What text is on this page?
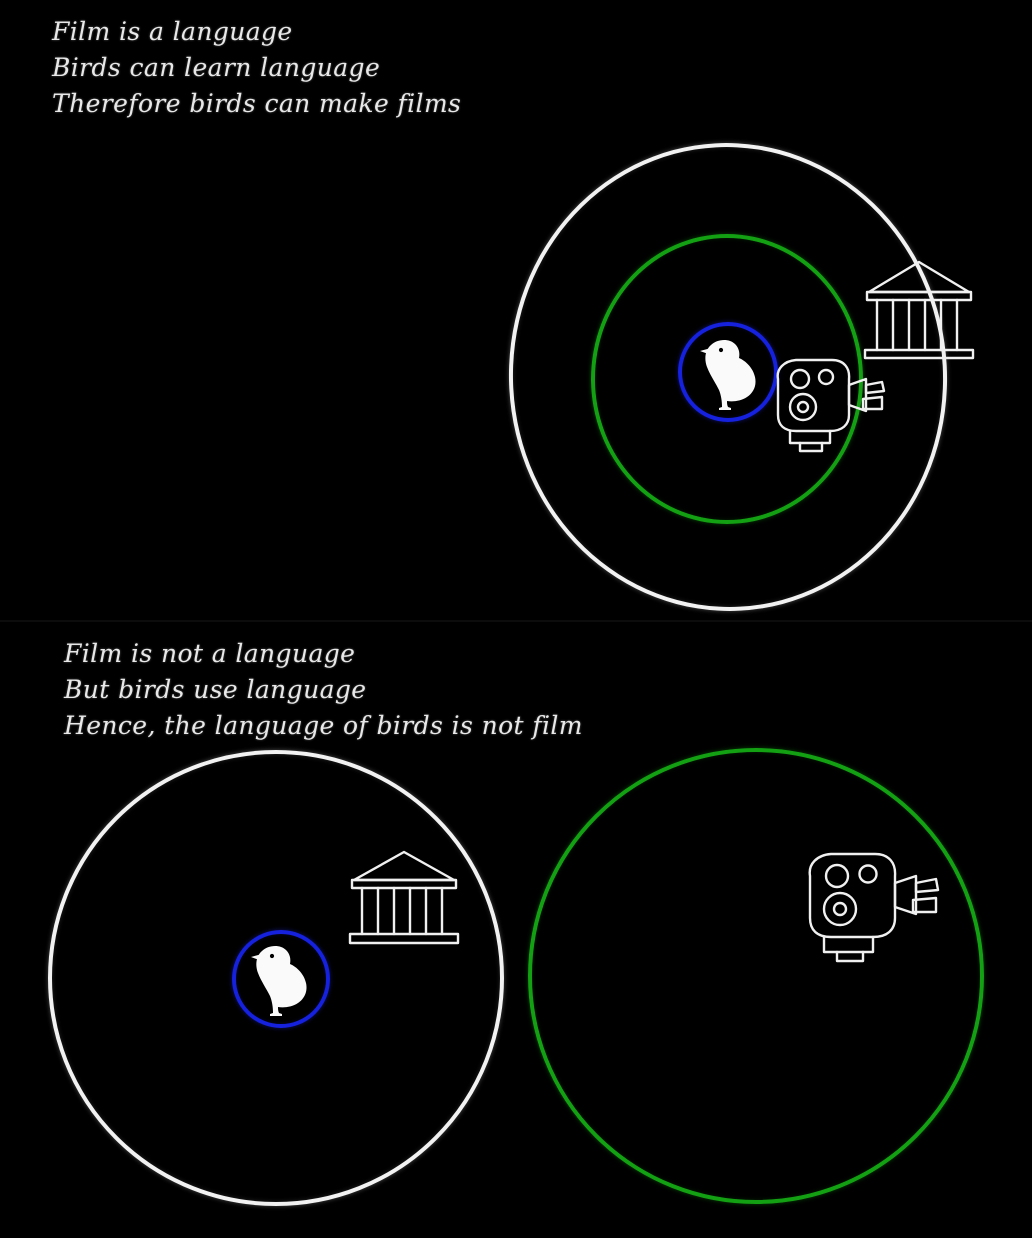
Film is a language
Birds can learn language
Therefore birds can make films
Film is not a language
But birds use language
Hence, the language of birds is not film
